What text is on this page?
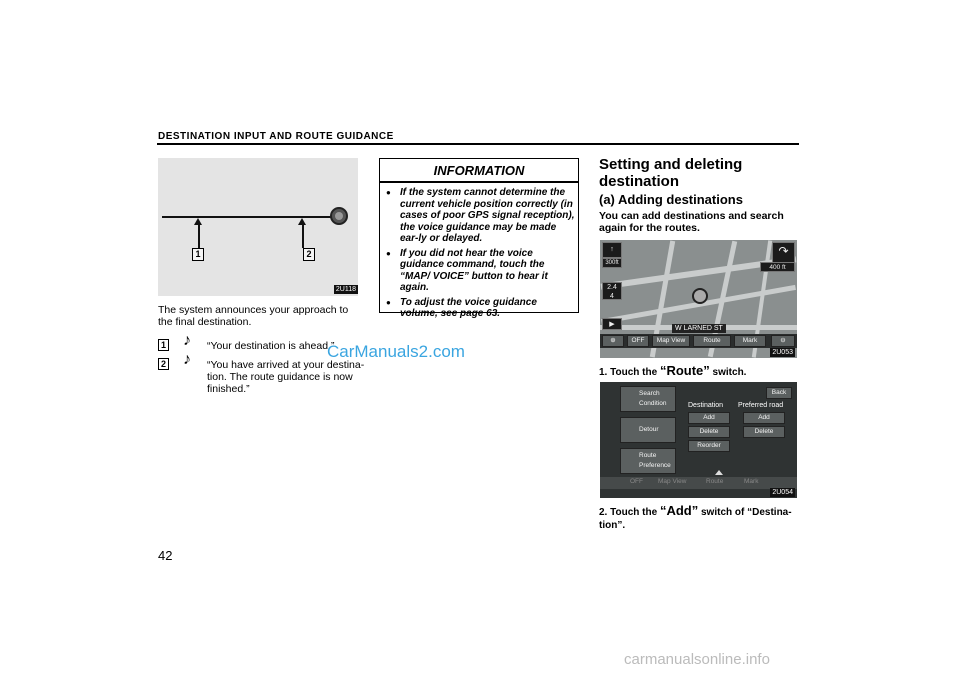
DESTINATION INPUT AND ROUTE GUIDANCE
1	2
2U118
The system announces your approach to the final destination.
1 ♪ “Your destination is ahead.”
2 ♪ “You have arrived at your destina-
tion. The route guidance is now
finished.”
CarManuals2.com
INFORMATION
● If the system cannot determine the current vehicle position correctly (in cases of poor GPS signal reception), the voice guidance may be made ear-ly or delayed.
● If you did not hear the voice guidance command, touch the “MAP/ VOICE” button to hear it again.
● To adjust the voice guidance volume, see page 63.
Setting and deleting
destination
(a) Adding destinations
You can add destinations and search again for the routes.
↑
300ft
2.4
4
▶
↷
400 ft
W LARNED ST
⊕	OFF	Map View	Route	Mark	⊖
2U053
1. Touch the “Route” switch.
Search
Condition
Detour
Route
Preference
Back
Destination Preferred road
Add
Delete
Reorder
Add
Delete
OFF Map View	Route	Mark
2U054
2. Touch the “Add” switch of “Destina-
tion”.
42
carmanualsonline.info
